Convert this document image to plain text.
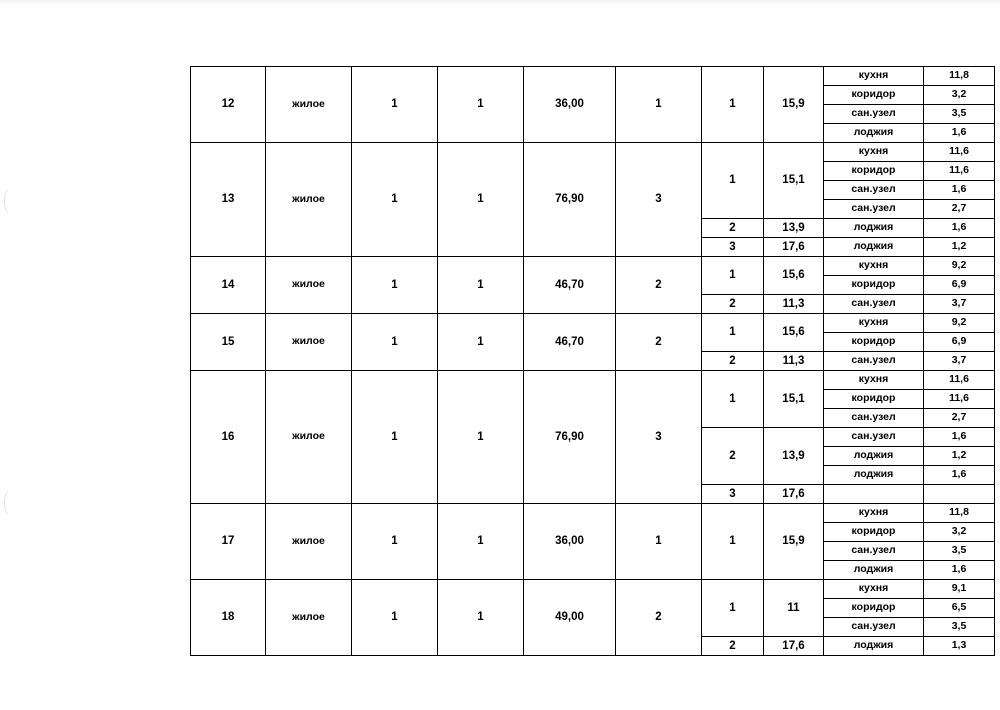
12	жилое	1	1	36,00	1	1	15,9	кухня	11,8
								коридор	3,2
								сан.узел	3,5
								лоджия	1,6
13	жилое	1	1	76,90	3	1	15,1	кухня	11,6
								коридор	11,6
								сан.узел	1,6
								сан.узел	2,7
						2	13,9	лоджия	1,6
						3	17,6	лоджия	1,2
14	жилое	1	1	46,70	2	1	15,6	кухня	9,2
								коридор	6,9
						2	11,3	сан.узел	3,7
15	жилое	1	1	46,70	2	1	15,6	кухня	9,2
								коридор	6,9
						2	11,3	сан.узел	3,7
16	жилое	1	1	76,90	3	1	15,1	кухня	11,6
								коридор	11,6
								сан.узел	2,7
						2	13,9	сан.узел	1,6
								лоджия	1,2
								лоджия	1,6
						3	17,6		
17	жилое	1	1	36,00	1	1	15,9	кухня	11,8
								коридор	3,2
								сан.узел	3,5
								лоджия	1,6
18	жилое	1	1	49,00	2	1	11	кухня	9,1
								коридор	6,5
								сан.узел	3,5
						2	17,6	лоджия	1,3
